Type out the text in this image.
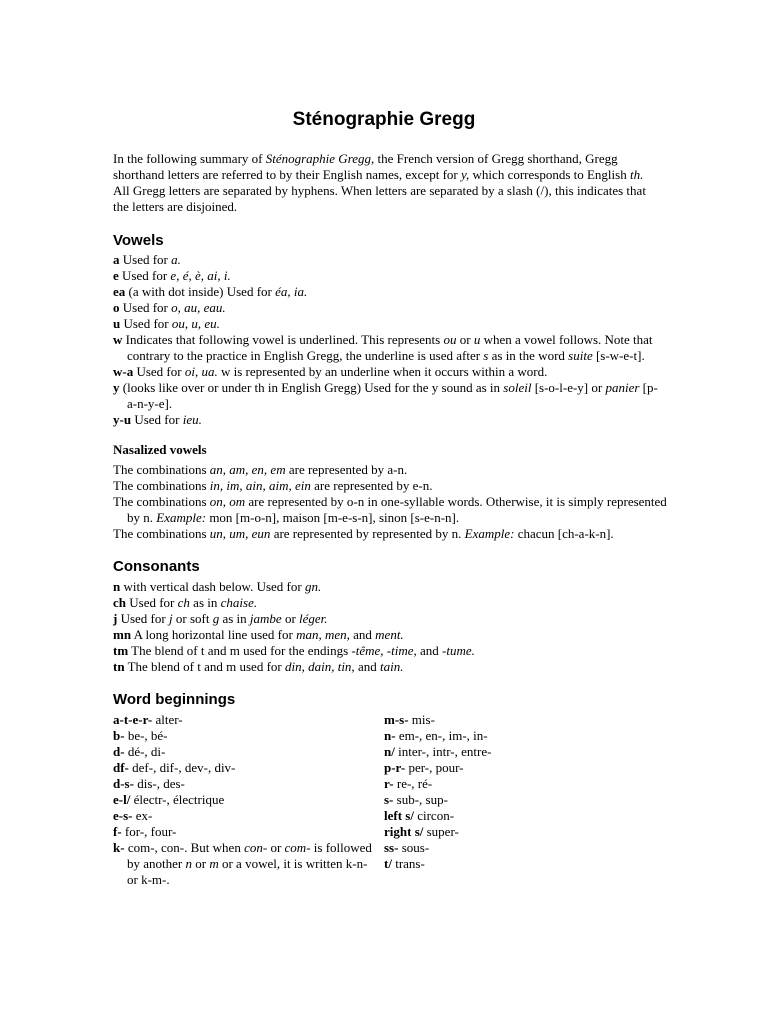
Sténographie Gregg

In the following summary of Sténographie Gregg, the French version of Gregg shorthand, Gregg shorthand letters are referred to by their English names, except for y, which corresponds to English th. All Gregg letters are separated by hyphens. When letters are separated by a slash (/), this indicates that the letters are disjoined.

Vowels
a Used for a.
e Used for e, é, è, ai, i.
ea (a with dot inside) Used for éa, ia.
o Used for o, au, eau.
u Used for ou, u, eu.
w Indicates that following vowel is underlined. This represents ou or u when a vowel follows. Note that contrary to the practice in English Gregg, the underline is used after s as in the word suite [s-w-e-t].
w-a Used for oi, ua. w is represented by an underline when it occurs within a word.
y (looks like over or under th in English Gregg) Used for the y sound as in soleil [s-o-l-e-y] or panier [p-a-n-y-e].
y-u Used for ieu.
Nasalized vowels
The combinations an, am, en, em are represented by a-n.
The combinations in, im, ain, aim, ein are represented by e-n.
The combinations on, om are represented by o-n in one-syllable words. Otherwise, it is simply represented by n. Example: mon [m-o-n], maison [m-e-s-n], sinon [s-e-n-n].
The combinations un, um, eun are represented by represented by n. Example: chacun [ch-a-k-n].
Consonants
n with vertical dash below. Used for gn.
ch Used for ch as in chaise.
j Used for j or soft g as in jambe or léger.
mn A long horizontal line used for man, men, and ment.
tm The blend of t and m used for the endings -tême, -time, and -tume.
tn The blend of t and m used for din, dain, tin, and tain.
Word beginnings
a-t-e-r- alter-
b- be-, bé-
d- dé-, di-
df- def-, dif-, dev-, div-
d-s- dis-, des-
e-l/ électr-, électrique
e-s- ex-
f- for-, four-
k- com-, con-. But when con- or com- is followed by another n or m or a vowel, it is written k-n- or k-m-.
m-s- mis-
n- em-, en-, im-, in-
n/ inter-, intr-, entre-
p-r- per-, pour-
r- re-, ré-
s- sub-, sup-
left s/ circon-
right s/ super-
ss- sous-
t/ trans-
